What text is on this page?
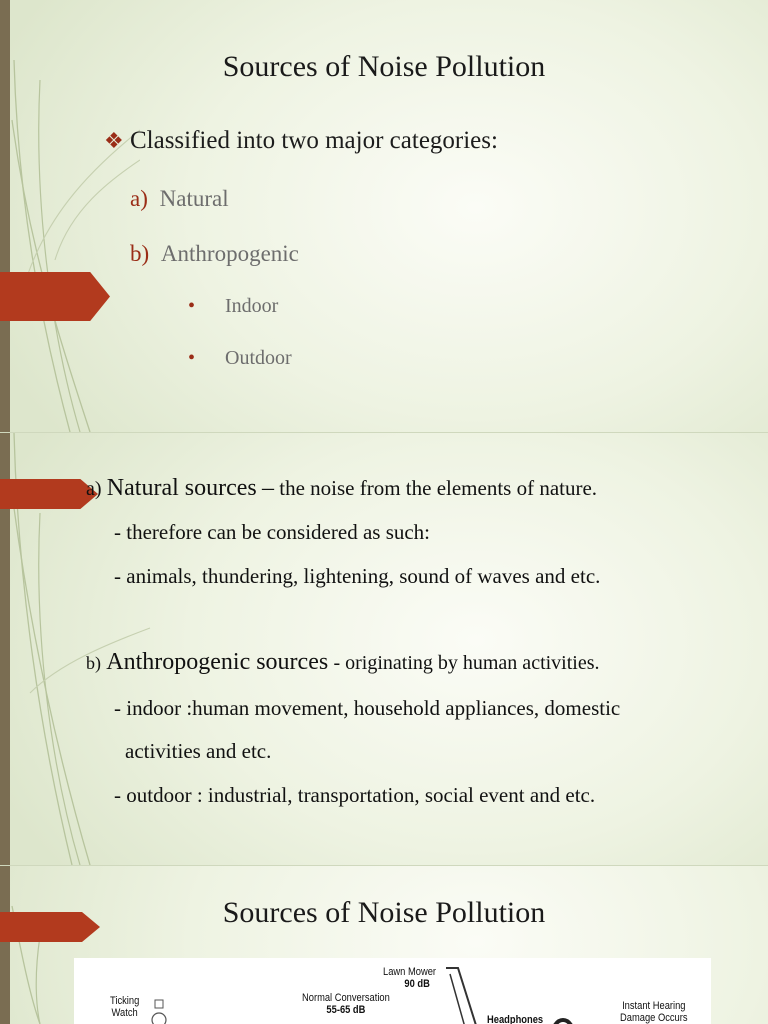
Sources of Noise Pollution
❖ Classified into two major categories:
a) Natural
b) Anthropogenic
• Indoor
• Outdoor
a) Natural sources – the noise from the elements of nature.
- therefore can be considered as such:
- animals, thundering, lightening, sound of waves and etc.
b) Anthropogenic sources - originating by human activities.
- indoor :human movement, household appliances, domestic
activities and etc.
- outdoor : industrial, transportation, social event and etc.
Sources of Noise Pollution
Ticking
Watch
Normal Conversation
55-65 dB
Lawn Mower
90 dB
Headphones
Instant Hearing
Damage Occurs
